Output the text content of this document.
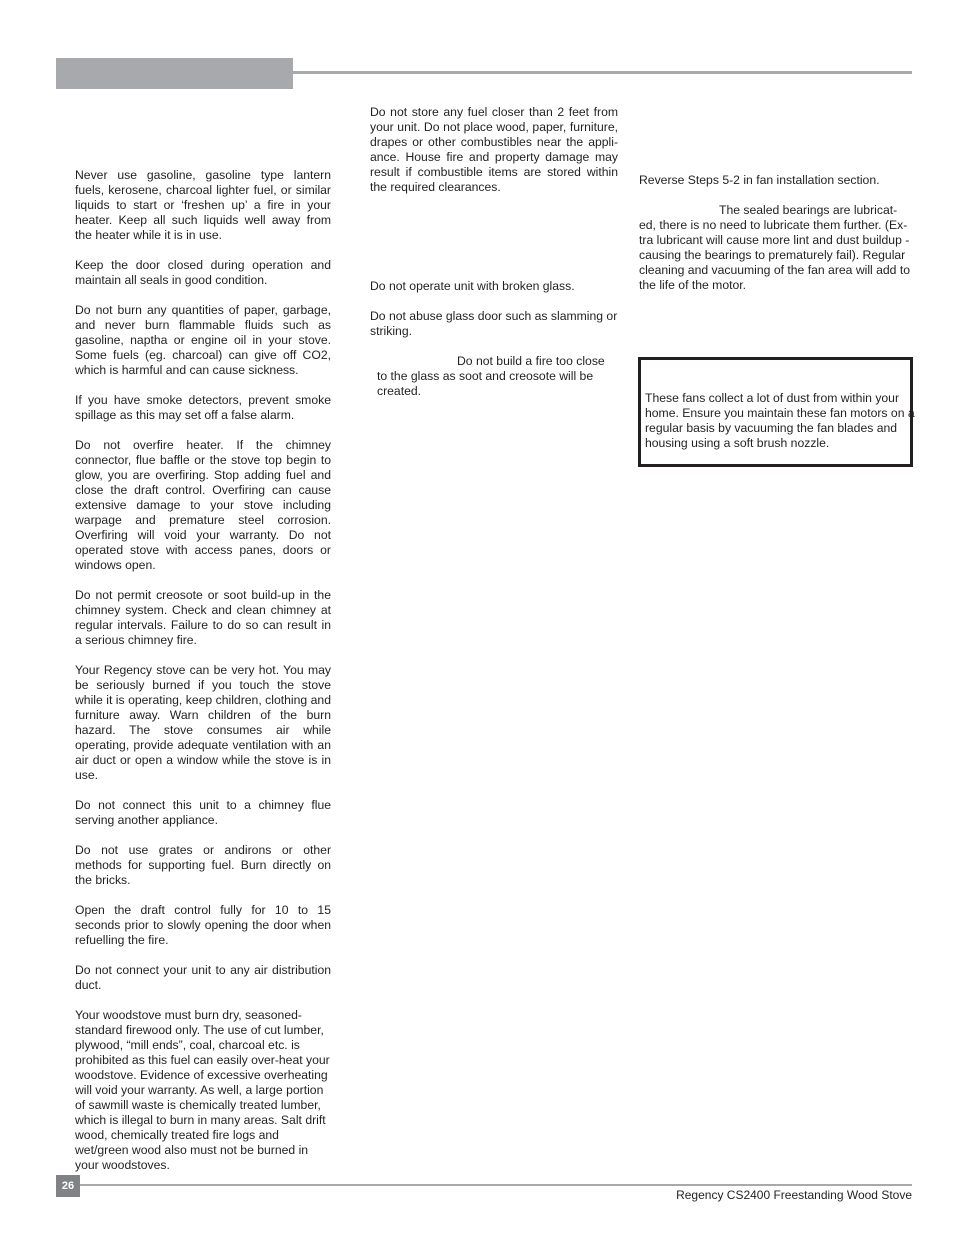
Never use gasoline, gasoline type lantern fuels, kerosene, charcoal lighter fuel, or similar liquids to start or ‘freshen up’ a fire in your heater. Keep all such liquids well away from the heater while it is in use.

Keep the door closed during operation and maintain all seals in good condition.

Do not burn any quantities of paper, garbage, and never burn flammable fluids such as gasoline, naptha or engine oil in your stove. Some fuels (eg. charcoal) can give off CO2, which is harmful and can cause sickness.

If you have smoke detectors, prevent smoke spillage as this may set off a false alarm.

Do not overfire heater. If the chimney connector, flue baffle or the stove top begin to glow, you are overfiring. Stop adding fuel and close the draft control. Overfiring can cause extensive damage to your stove including warpage and premature steel corrosion. Overfiring will void your warranty. Do not operated stove with access panes, doors or windows open.

Do not permit creosote or soot build-up in the chimney system. Check and clean chimney at regular intervals. Failure to do so can result in a serious chimney fire.

Your Regency stove can be very hot. You may be seriously burned if you touch the stove while it is operating, keep children, clothing and furniture away. Warn children of the burn hazard. The stove consumes air while operating, provide adequate ventilation with an air duct or open a window while the stove is in use.

Do not connect this unit to a chimney flue serving another appliance.

Do not use grates or andirons or other methods for supporting fuel. Burn directly on the bricks.

Open the draft control fully for 10 to 15 seconds prior to slowly opening the door when refuelling the fire.

Do not connect your unit to any air distribution duct.

Your woodstove must burn dry, seasoned-standard firewood only. The use of cut lumber, plywood, “mill ends”, coal, charcoal etc. is prohibited as this fuel can easily over-heat your woodstove. Evidence of excessive overheating will void your warranty. As well, a large portion of sawmill waste is chemically treated lumber, which is illegal to burn in many areas. Salt drift wood, chemically treated fire logs and wet/green wood also must not be burned in your woodstoves.

Do not store any fuel closer than 2 feet from your unit. Do not place wood, paper, furniture, drapes or other combustibles near the appli-ance. House fire and property damage may result if combustible items are stored within the required clearances.

Do not operate unit with broken glass.

Do not abuse glass door such as slamming or striking.

Do not build a fire too close to the glass as soot and creosote will be created.

Reverse Steps 5-2 in fan installation section.

The sealed bearings are lubricat-ed, there is no need to lubricate them further. (Ex-tra lubricant will cause more lint and dust buildup - causing the bearings to prematurely fail). Regular cleaning and vacuuming of the fan area will add to the life of the motor.

These fans collect a lot of dust from within your home. Ensure you maintain these fan motors on a regular basis by vacuuming the fan blades and housing using a soft brush nozzle.
26
Regency CS2400 Freestanding Wood Stove
